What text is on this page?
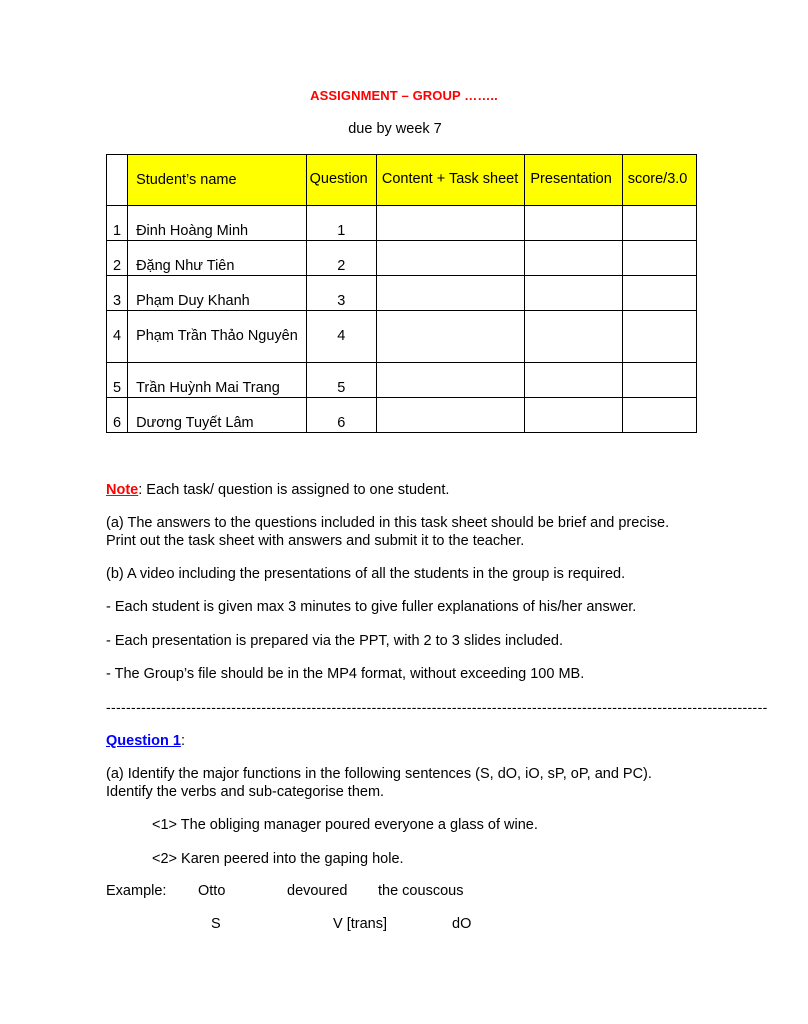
ASSIGNMENT – GROUP ……..
due by week 7
	Student’s name	Question	Content + Task sheet	Presentation	score/3.0
1	Đinh Hoàng Minh	1			
2	Đặng Như Tiên	2			
3	Phạm Duy Khanh	3			
4	Phạm Trần Thảo Nguyên	4			
5	Trần Huỳnh Mai Trang	5			
6	Dương Tuyết Lâm	6			
Note: Each task/ question is assigned to one student.
(a) The answers to the questions included in this task sheet should be brief and precise. Print out the task sheet with answers and submit it to the teacher.
(b) A video including the presentations of all the students in the group is required.
- Each student is given max 3 minutes to give fuller explanations of his/her answer.
- Each presentation is prepared via the PPT, with 2 to 3 slides included.
- The Group’s file should be in the MP4 format, without exceeding 100 MB.
------------------------------------------------------------------------------------------------------------------------------------
Question 1:
(a) Identify the major functions in the following sentences (S, dO, iO, sP, oP, and PC). Identify the verbs and sub-categorise them.
<1> The obliging manager poured everyone a glass of wine.
<2> Karen peered into the gaping hole.
Example: Otto	devoured the couscous
S	V [trans]	dO
